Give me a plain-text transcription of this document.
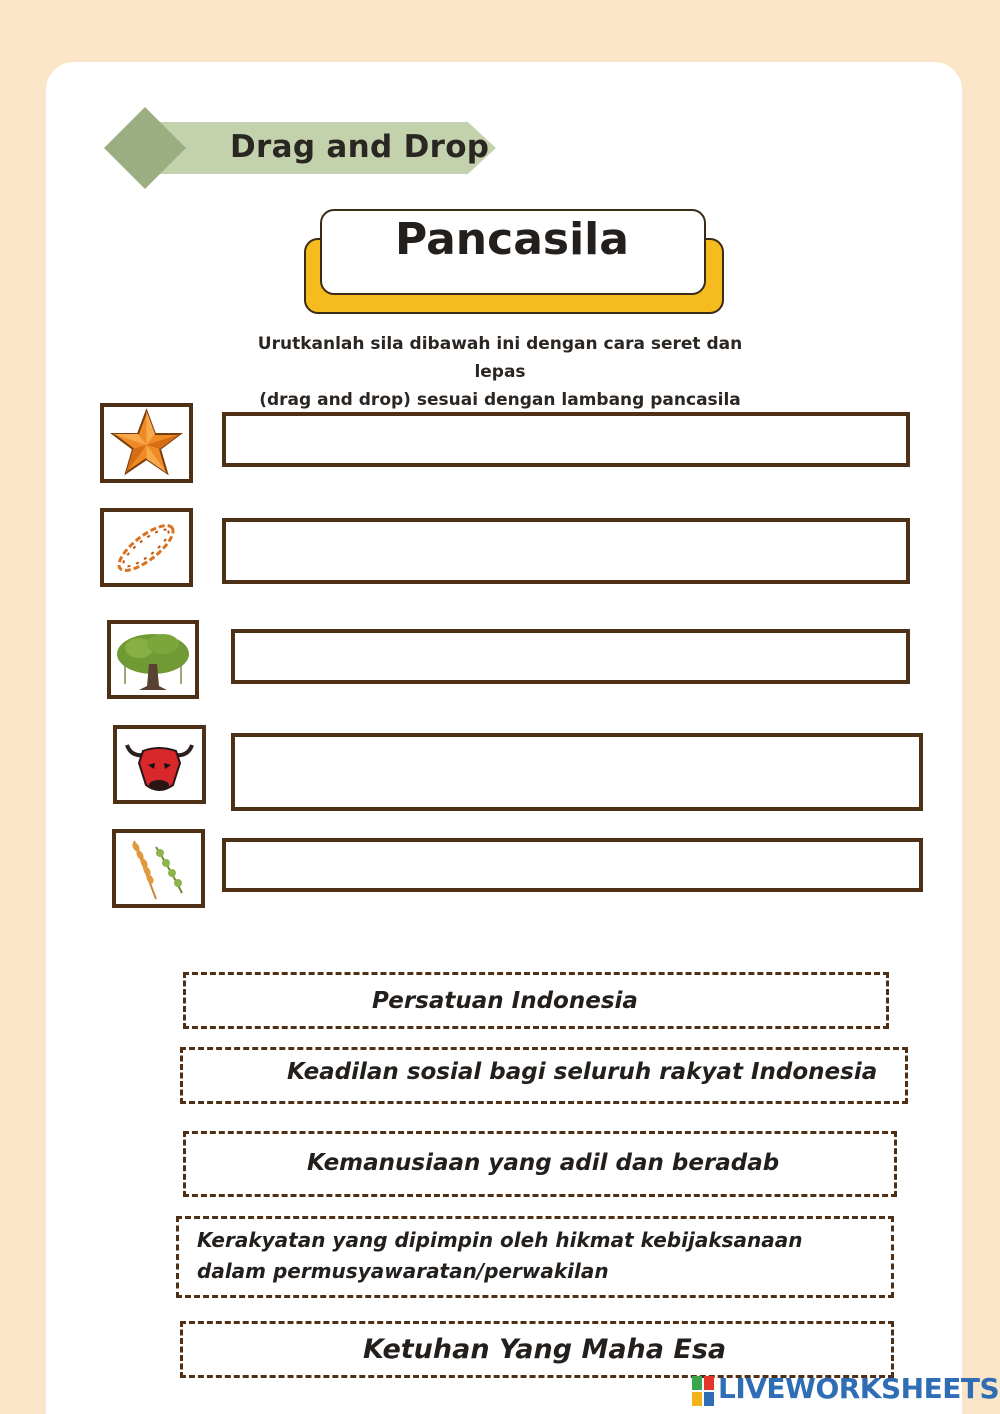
Drag and Drop
Pancasila
Urutkanlah sila dibawah ini dengan cara seret dan lepas
(drag and drop) sesuai dengan lambang pancasila
Persatuan Indonesia
Keadilan sosial bagi seluruh rakyat Indonesia
Kemanusiaan yang adil dan beradab
Kerakyatan yang dipimpin oleh hikmat kebijaksanaan dalam permusyawaratan/perwakilan
Ketuhan Yang Maha Esa
LIVEWORKSHEETS
